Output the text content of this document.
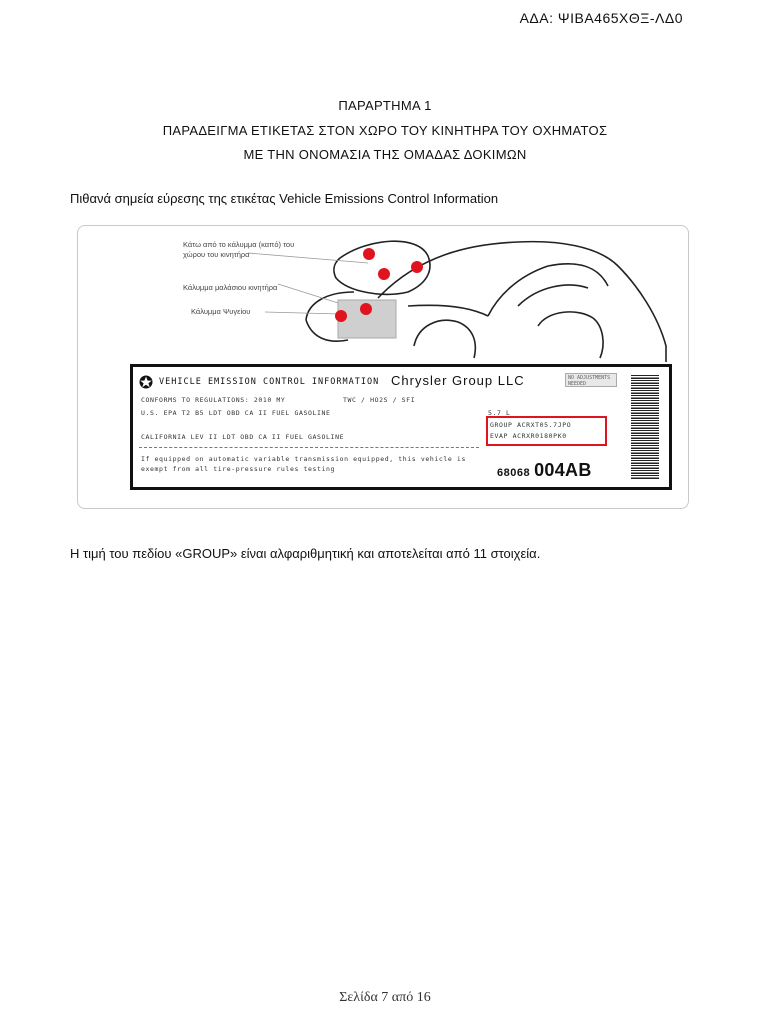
ΑΔΑ: ΨΙΒΑ465ΧΘΞ-ΛΔ0
ΠΑΡΑΡΤΗΜΑ 1
ΠΑΡΑΔΕΙΓΜΑ ΕΤΙΚΕΤΑΣ ΣΤΟΝ ΧΩΡΟ ΤΟΥ ΚΙΝΗΤΗΡΑ ΤΟΥ ΟΧΗΜΑΤΟΣ
ΜΕ ΤΗΝ ΟΝΟΜΑΣΙΑ ΤΗΣ ΟΜΑΔΑΣ ΔΟΚΙΜΩΝ
Πιθανά σημεία εύρεσης της ετικέτας Vehicle Emissions Control Information
Κάτω από το κάλυμμα (καπό) του
χώρου του κινητήρα
Κάλυμμα μαλάσιου κινητήρα
Κάλυμμα Ψυγείου
VEHICLE EMISSION CONTROL INFORMATION Chrysler Group LLC	NO ADJUSTMENTS NEEDED
CONFORMS TO REGULATIONS: 2010 MY	TWC / HO2S / SFI
U.S. EPA T2 B5 LDT OBD CA II FUEL GASOLINE	5.7 L
CALIFORNIA LEV II LDT OBD CA II FUEL GASOLINE
GROUP ACRXT05.7JPO
EVAP ACRXR0180PK0
If equipped on automatic variable transmission equipped, this vehicle is
exempt from all tire-pressure rules testing	68068 004AB
Η τιμή του πεδίου «GROUP» είναι αλφαριθμητική και αποτελείται από 11 στοιχεία.
Σελίδα 7 από 16
